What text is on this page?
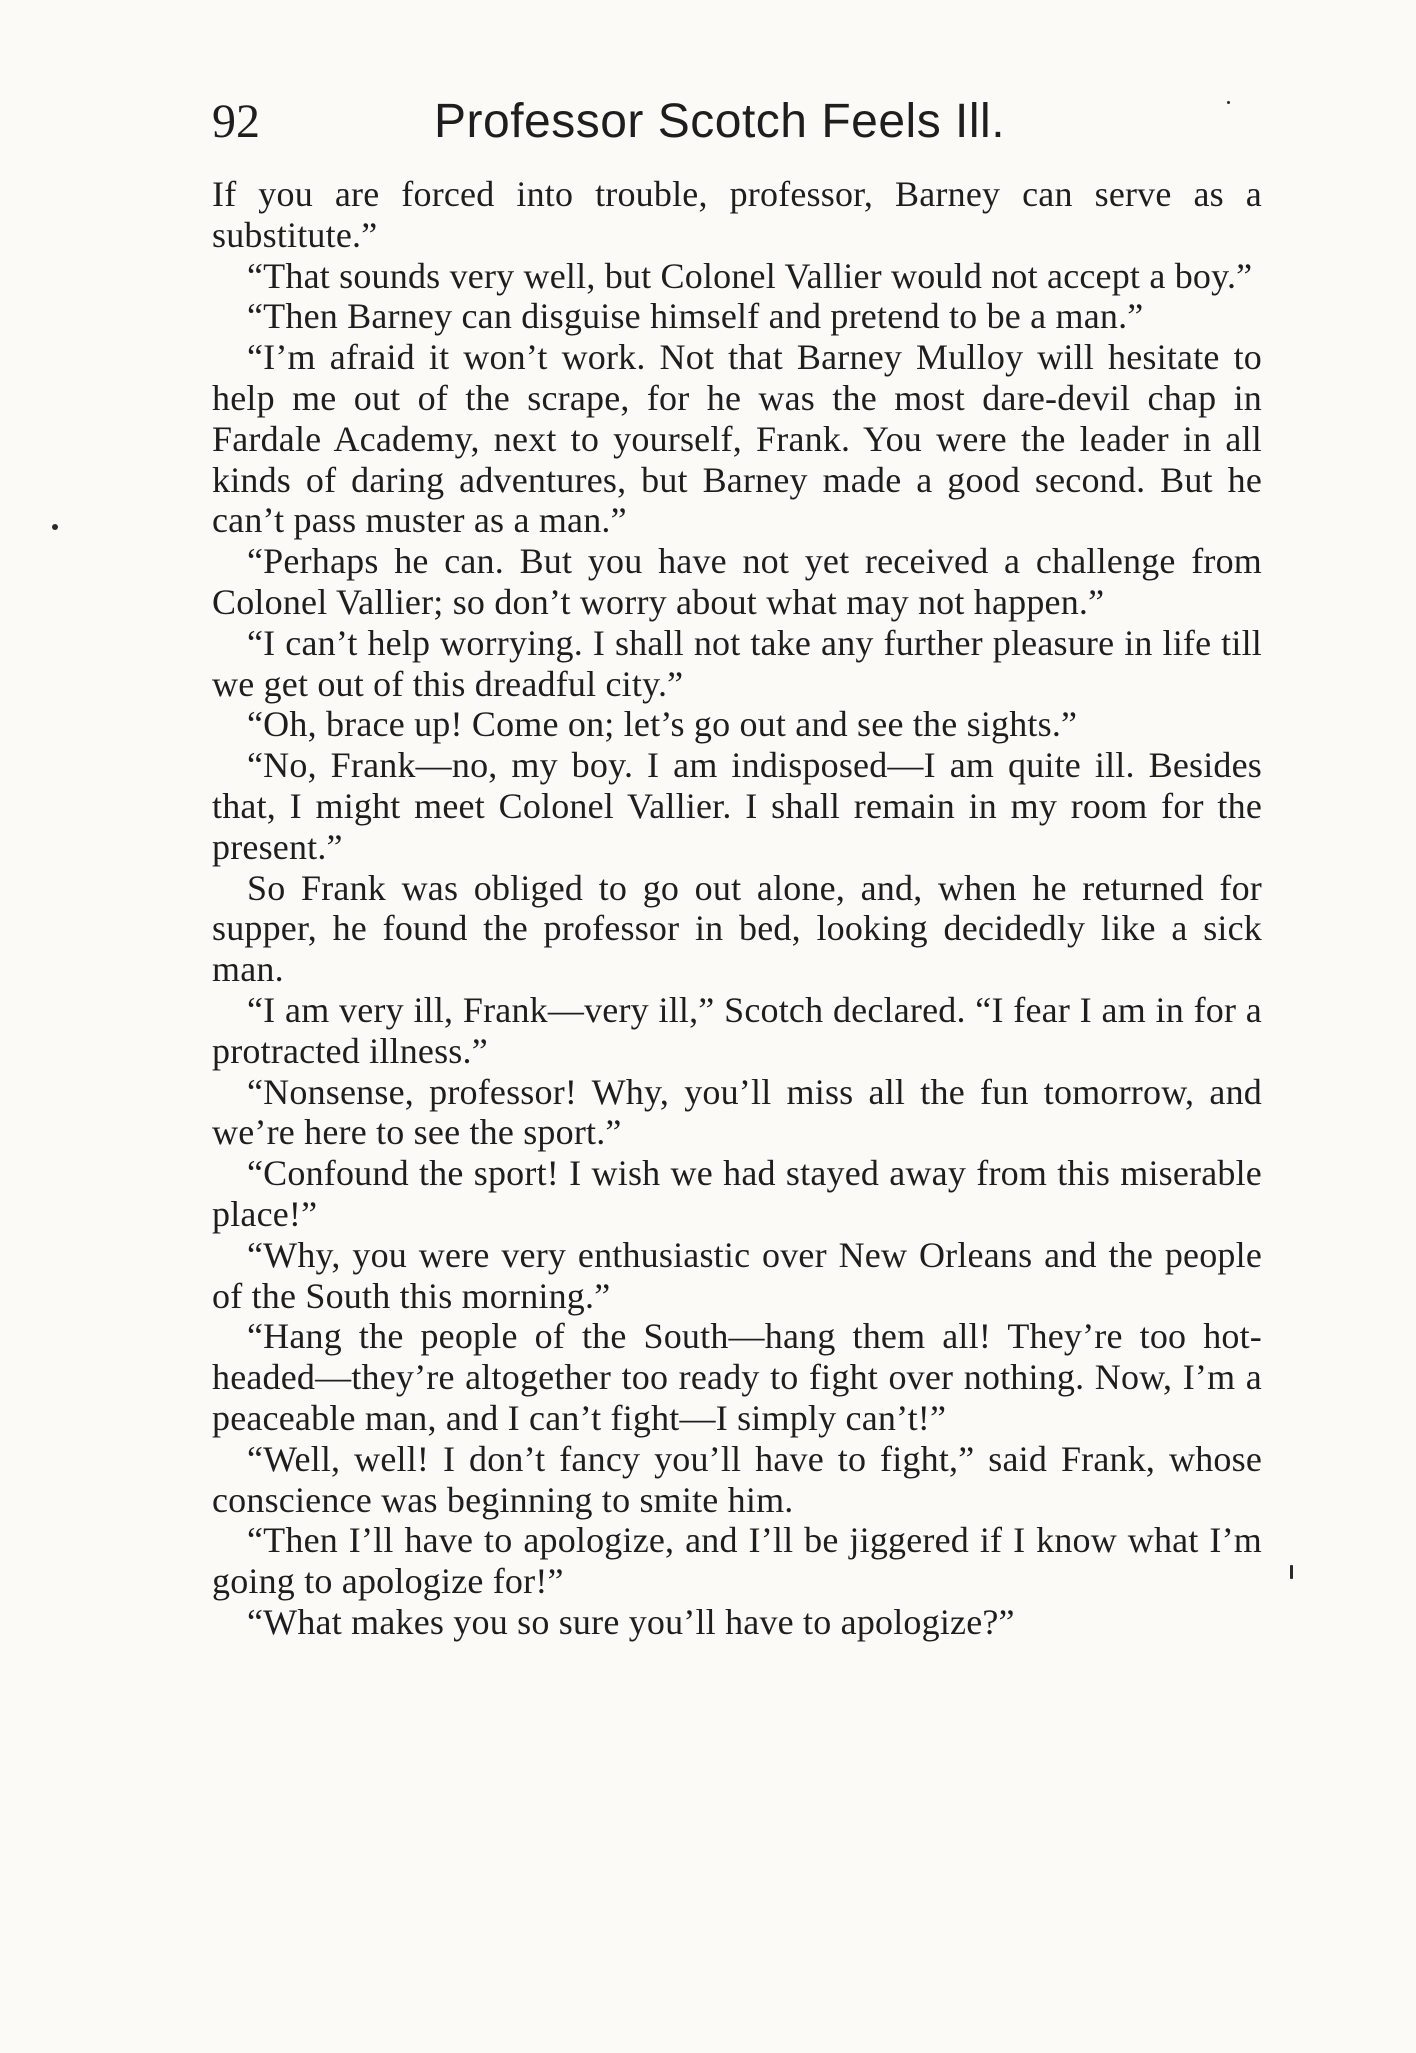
92	Professor Scotch Feels Ill.

If you are forced into trouble, professor, Barney can serve as a substitute.”

“That sounds very well, but Colonel Vallier would not accept a boy.”

“Then Barney can disguise himself and pretend to be a man.”

“I’m afraid it won’t work. Not that Barney Mulloy will hesitate to help me out of the scrape, for he was the most dare-devil chap in Fardale Academy, next to yourself, Frank. You were the leader in all kinds of daring adventures, but Barney made a good second. But he can’t pass muster as a man.”

“Perhaps he can. But you have not yet received a challenge from Colonel Vallier; so don’t worry about what may not happen.”

“I can’t help worrying. I shall not take any further pleasure in life till we get out of this dreadful city.”

“Oh, brace up! Come on; let’s go out and see the sights.”

“No, Frank—no, my boy. I am indisposed—I am quite ill. Besides that, I might meet Colonel Vallier. I shall remain in my room for the present.”

So Frank was obliged to go out alone, and, when he returned for supper, he found the professor in bed, looking decidedly like a sick man.

“I am very ill, Frank—very ill,” Scotch declared. “I fear I am in for a protracted illness.”

“Nonsense, professor! Why, you’ll miss all the fun tomorrow, and we’re here to see the sport.”

“Confound the sport! I wish we had stayed away from this miserable place!”

“Why, you were very enthusiastic over New Orleans and the people of the South this morning.”

“Hang the people of the South—hang them all! They’re too hot-headed—they’re altogether too ready to fight over nothing. Now, I’m a peaceable man, and I can’t fight—I simply can’t!”

“Well, well! I don’t fancy you’ll have to fight,” said Frank, whose conscience was beginning to smite him.

“Then I’ll have to apologize, and I’ll be jiggered if I know what I’m going to apologize for!”

“What makes you so sure you’ll have to apologize?”
